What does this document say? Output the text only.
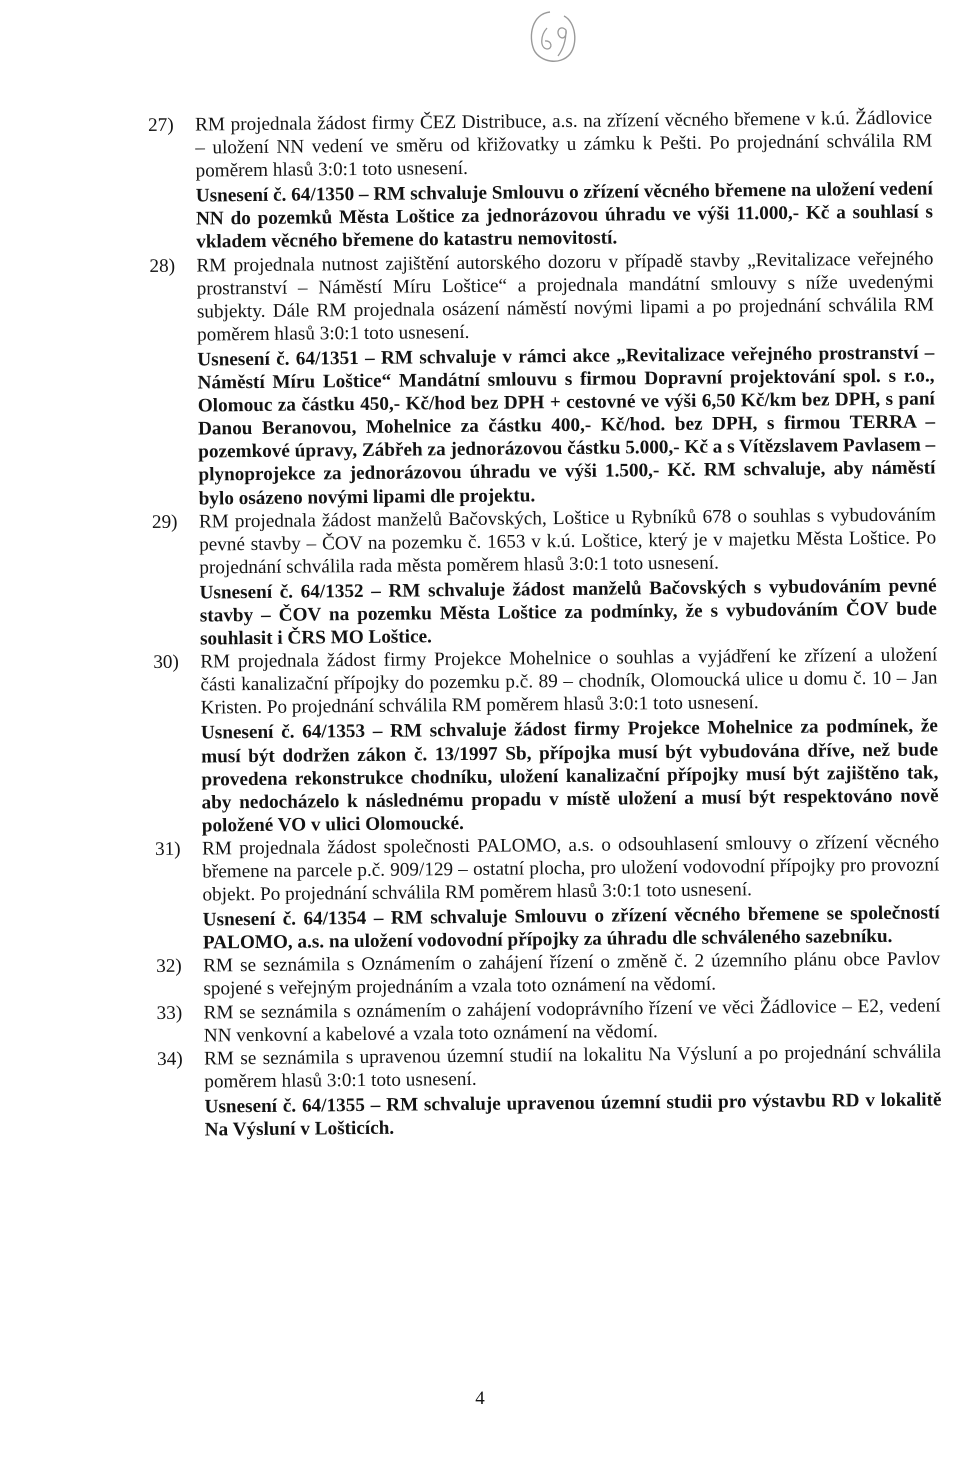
27) RM projednala žádost firmy ČEZ Distribuce, a.s. na zřízení věcného břemene v k.ú. Žádlovice – uložení NN vedení ve směru od křižovatky u zámku k Pešti. Po projednání schválila RM poměrem hlasů 3:0:1 toto usnesení.

Usnesení č. 64/1350 – RM schvaluje Smlouvu o zřízení věcného břemene na uložení vedení NN do pozemků Města Loštice za jednorázovou úhradu ve výši 11.000,- Kč a souhlasí s vkladem věcného břemene do katastru nemovitostí.

28) RM projednala nutnost zajištění autorského dozoru v případě stavby „Revitalizace veřejného prostranství – Náměstí Míru Loštice“ a projednala mandátní smlouvy s níže uvedenými subjekty. Dále RM projednala osázení náměstí novými lipami a po projednání schválila RM poměrem hlasů 3:0:1 toto usnesení.

Usnesení č. 64/1351 – RM schvaluje v rámci akce „Revitalizace veřejného prostranství – Náměstí Míru Loštice“ Mandátní smlouvu s firmou Dopravní projektování spol. s r.o., Olomouc za částku 450,- Kč/hod bez DPH + cestovné ve výši 6,50 Kč/km bez DPH, s paní Danou Beranovou, Mohelnice za částku 400,- Kč/hod. bez DPH, s firmou TERRA – pozemkové úpravy, Zábřeh za jednorázovou částku 5.000,- Kč a s Vítězslavem Pavlasem – plynoprojekce za jednorázovou úhradu ve výši 1.500,- Kč. RM schvaluje, aby náměstí bylo osázeno novými lipami dle projektu.

29) RM projednala žádost manželů Bačovských, Loštice u Rybníků 678 o souhlas s vybudováním pevné stavby – ČOV na pozemku č. 1653 v k.ú. Loštice, který je v majetku Města Loštice. Po projednání schválila rada města poměrem hlasů 3:0:1 toto usnesení.

Usnesení č. 64/1352 – RM schvaluje žádost manželů Bačovských s vybudováním pevné stavby – ČOV na pozemku Města Loštice za podmínky, že s vybudováním ČOV bude souhlasit i ČRS MO Loštice.

30) RM projednala žádost firmy Projekce Mohelnice o souhlas a vyjádření ke zřízení a uložení části kanalizační přípojky do pozemku p.č. 89 – chodník, Olomoucká ulice u domu č. 10 – Jan Kristen. Po projednání schválila RM poměrem hlasů 3:0:1 toto usnesení.

Usnesení č. 64/1353 – RM schvaluje žádost firmy Projekce Mohelnice za podmínek, že musí být dodržen zákon č. 13/1997 Sb, přípojka musí být vybudována dříve, než bude provedena rekonstrukce chodníku, uložení kanalizační přípojky musí být zajištěno tak, aby nedocházelo k následnému propadu v místě uložení a musí být respektováno nově položené VO v ulici Olomoucké.

31) RM projednala žádost společnosti PALOMO, a.s. o odsouhlasení smlouvy o zřízení věcného břemene na parcele p.č. 909/129 – ostatní plocha, pro uložení vodovodní přípojky pro provozní objekt. Po projednání schválila RM poměrem hlasů 3:0:1 toto usnesení.

Usnesení č. 64/1354 – RM schvaluje Smlouvu o zřízení věcného břemene se společností PALOMO, a.s. na uložení vodovodní přípojky za úhradu dle schváleného sazebníku.

32) RM se seznámila s Oznámením o zahájení řízení o změně č. 2 územního plánu obce Pavlov spojené s veřejným projednáním a vzala toto oznámení na vědomí.

33) RM se seznámila s oznámením o zahájení vodoprávního řízení ve věci Žádlovice – E2, vedení NN venkovní a kabelové a vzala toto oznámení na vědomí.

34) RM se seznámila s upravenou územní studií na lokalitu Na Výsluní a po projednání schválila poměrem hlasů 3:0:1 toto usnesení.

Usnesení č. 64/1355 – RM schvaluje upravenou územní studii pro výstavbu RD v lokalitě Na Výsluní v Lošticích.

4
